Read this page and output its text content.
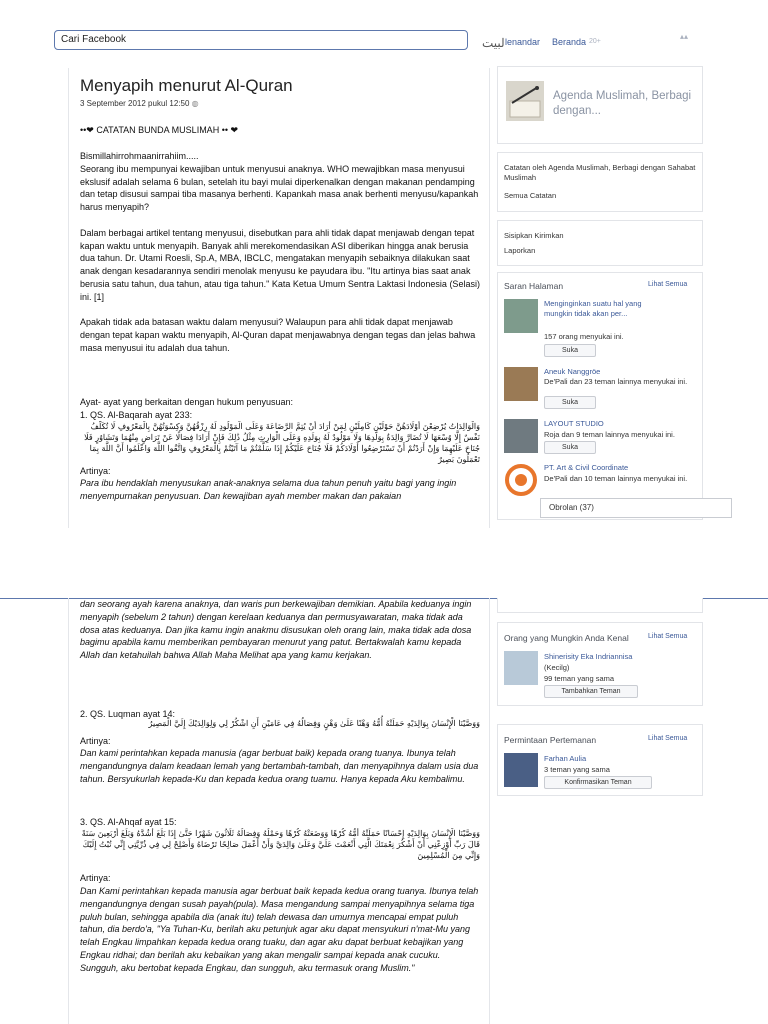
Cari Facebook	لبيت lenandar Beranda 20+
▴▴
Menyapih menurut Al-Quran
3 September 2012 pukul 12:50 ◍
••❤ CATATAN BUNDA MUSLIMAH •• ❤
Bismillahirrohmaanirrahiim.....

Seorang ibu mempunyai kewajiban untuk menyusui anaknya. WHO mewajibkan masa menyusui ekslusif adalah selama 6 bulan, setelah itu bayi mulai diperkenalkan dengan makanan pendamping dan tetap disusui sampai tiba masanya berhenti. Kapankah masa anak berhenti menyusu/kapankah harus menyapih?

Dalam berbagai artikel tentang menyusui, disebutkan para ahli tidak dapat menjawab dengan tepat kapan waktu untuk menyapih. Banyak ahli merekomendasikan ASI diberikan hingga anak berusia dua tahun. Dr. Utami Roesli, Sp.A, MBA, IBCLC, mengatakan menyapih sebaiknya dilakukan saat anak dengan kesadarannya sendiri menolak menyusu ke payudara ibu. "Itu artinya bias saat anak berusia satu tahun, dua tahun, atau tiga tahun." Kata Ketua Umum Sentra Laktasi Indonesia (Selasi) ini. [1]

Apakah tidak ada batasan waktu dalam menyusui? Walaupun para ahli tidak dapat menjawab dengan tepat kapan waktu menyapih, Al-Quran dapat menjawabnya dengan tegas dan jelas bahwa masa menyusui itu adalah dua tahun.

Ayat- ayat yang berkaitan dengan hukum penyusuan:
1. QS. Al-Baqarah ayat 233:
وَالْوَالِدَاتُ يُرْضِعْنَ أَوْلَادَهُنَّ حَوْلَيْنِ كَامِلَيْنِ لِمَنْ أَرَادَ أَنْ يُتِمَّ الرَّضَاعَةَ وَعَلَى الْمَوْلُودِ لَهُ رِزْقُهُنَّ وَكِسْوَتُهُنَّ بِالْمَعْرُوفِ لَا تُكَلَّفُ نَفْسٌ إِلَّا وُسْعَهَا لَا تُضَارَّ وَالِدَةٌ بِوَلَدِهَا وَلَا مَوْلُودٌ لَهُ بِوَلَدِهِ وَعَلَى الْوَارِثِ مِثْلُ ذَٰلِكَ فَإِنْ أَرَادَا فِصَالًا عَنْ تَرَاضٍ مِنْهُمَا وَتَشَاوُرٍ فَلَا جُنَاحَ عَلَيْهِمَا وَإِنْ أَرَدْتُمْ أَنْ تَسْتَرْضِعُوا أَوْلَادَكُمْ فَلَا جُنَاحَ عَلَيْكُمْ إِذَا سَلَّمْتُمْ مَا آتَيْتُمْ بِالْمَعْرُوفِ وَاتَّقُوا اللَّهَ وَاعْلَمُوا أَنَّ اللَّهَ بِمَا تَعْمَلُونَ بَصِيرٌ
Artinya:
Para ibu hendaklah menyusukan anak-anaknya selama dua tahun penuh yaitu bagi yang ingin menyempurnakan penyusuan. Dan kewajiban ayah member makan dan pakaian
Agenda Muslimah, Berbagi dengan...
Catatan oleh Agenda Muslimah, Berbagi dengan Sahabat Muslimah
Semua Catatan
Sisipkan Kirimkan
Laporkan
Saran Halaman	Lihat Semua
Menginginkan suatu hal yang mungkin tidak akan per...
157 orang menyukai ini.
Suka
Aneuk Nanggröe
De'Pali dan 23 teman lainnya menyukai ini.
Suka
LAYOUT STUDIO
Roja dan 9 teman lainnya menyukai ini.
Suka
PT. Art & Civil Coordinate
De'Pali dan 10 teman lainnya menyukai ini.
Obrolan (37)
dan seorang ayah karena anaknya, dan waris pun berkewajiban demikian. Apabila keduanya ingin menyapih (sebelum 2 tahun) dengan kerelaan keduanya dan permusyawaratan, maka tidak ada dosa atas keduanya. Dan jika kamu ingin anakmu disusukan oleh orang lain, maka tidak ada dosa bagimu apabila kamu memberikan pembayaran menurut yang patut. Bertakwalah kamu kepada Allah dan ketahuilah bahwa Allah Maha Melihat apa yang kamu kerjakan.
2. QS. Luqman ayat 14:
وَوَصَّيْنَا الْإِنْسَانَ بِوَالِدَيْهِ حَمَلَتْهُ أُمُّهُ وَهْنًا عَلَىٰ وَهْنٍ وَفِصَالُهُ فِي عَامَيْنِ أَنِ اشْكُرْ لِي وَلِوَالِدَيْكَ إِلَيَّ الْمَصِيرُ
Artinya:
Dan kami perintahkan kepada manusia (agar berbuat baik) kepada orang tuanya. Ibunya telah mengandungnya dalam keadaan lemah yang bertambah-tambah, dan menyapihnya dalam usia dua tahun. Bersyukurlah kepada-Ku dan kepada kedua orang tuamu. Hanya kepada Aku kembalimu.
3. QS. Al-Ahqaf ayat 15:
وَوَصَّيْنَا الْإِنْسَانَ بِوَالِدَيْهِ إِحْسَانًا حَمَلَتْهُ أُمُّهُ كُرْهًا وَوَضَعَتْهُ كُرْهًا وَحَمْلُهُ وَفِصَالُهُ ثَلَاثُونَ شَهْرًا حَتَّىٰ إِذَا بَلَغَ أَشُدَّهُ وَبَلَغَ أَرْبَعِينَ سَنَةً قَالَ رَبِّ أَوْزِعْنِي أَنْ أَشْكُرَ نِعْمَتَكَ الَّتِي أَنْعَمْتَ عَلَيَّ وَعَلَىٰ وَالِدَيَّ وَأَنْ أَعْمَلَ صَالِحًا تَرْضَاهُ وَأَصْلِحْ لِي فِي ذُرِّيَّتِي إِنِّي تُبْتُ إِلَيْكَ وَإِنِّي مِنَ الْمُسْلِمِينَ
Artinya:
Dan Kami perintahkan kepada manusia agar berbuat baik kepada kedua orang tuanya. Ibunya telah mengandungnya dengan susah payah(pula). Masa mengandung sampai menyapihnya selama tiga puluh bulan, sehingga apabila dia (anak itu) telah dewasa dan umurnya mencapai empat puluh tahun, dia berdo'a, "Ya Tuhan-Ku, berilah aku petunjuk agar aku dapat mensyukuri n'mat-Mu yang telah Engkau limpahkan kepada kedua orang tuaku, dan agar aku dapat berbuat kebajikan yang Engkau ridhai; dan berilah aku kebaikan yang akan mengalir sampai kepada anak cucuku. Sungguh, aku bertobat kepada Engkau, dan sungguh, aku termasuk orang Muslim."
Orang yang Mungkin Anda Kenal	Lihat Semua
Shinerisity Eka Indriannisa
(Kecilg)
99 teman yang sama
Tambahkan Teman
Permintaan Pertemanan	Lihat Semua
Farhan Aulia
3 teman yang sama
Konfirmasikan Teman
